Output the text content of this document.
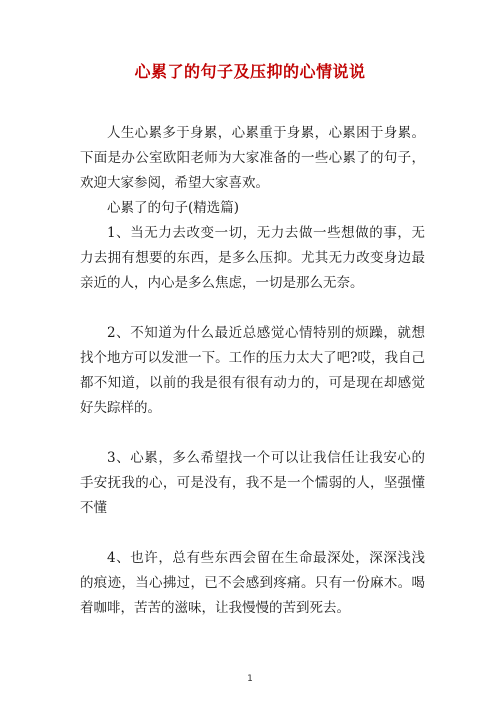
心累了的句子及压抑的心情说说

人生心累多于身累，心累重于身累，心累困于身累。下面是办公室欧阳老师为大家准备的一些心累了的句子，欢迎大家参阅，希望大家喜欢。

心累了的句子(精选篇)

1、当无力去改变一切，无力去做一些想做的事，无力去拥有想要的东西，是多么压抑。尤其无力改变身边最亲近的人，内心是多么焦虑，一切是那么无奈。

2、不知道为什么最近总感觉心情特别的烦躁，就想找个地方可以发泄一下。工作的压力太大了吧?哎，我自己都不知道，以前的我是很有很有动力的，可是现在却感觉好失踪样的。

3、心累，多么希望找一个可以让我信任让我安心的手安抚我的心，可是没有，我不是一个懦弱的人，坚强懂不懂

4、也许，总有些东西会留在生命最深处，深深浅浅的痕迹，当心拂过，已不会感到疼痛。只有一份麻木。喝着咖啡，苦苦的滋味，让我慢慢的苦到死去。

1
